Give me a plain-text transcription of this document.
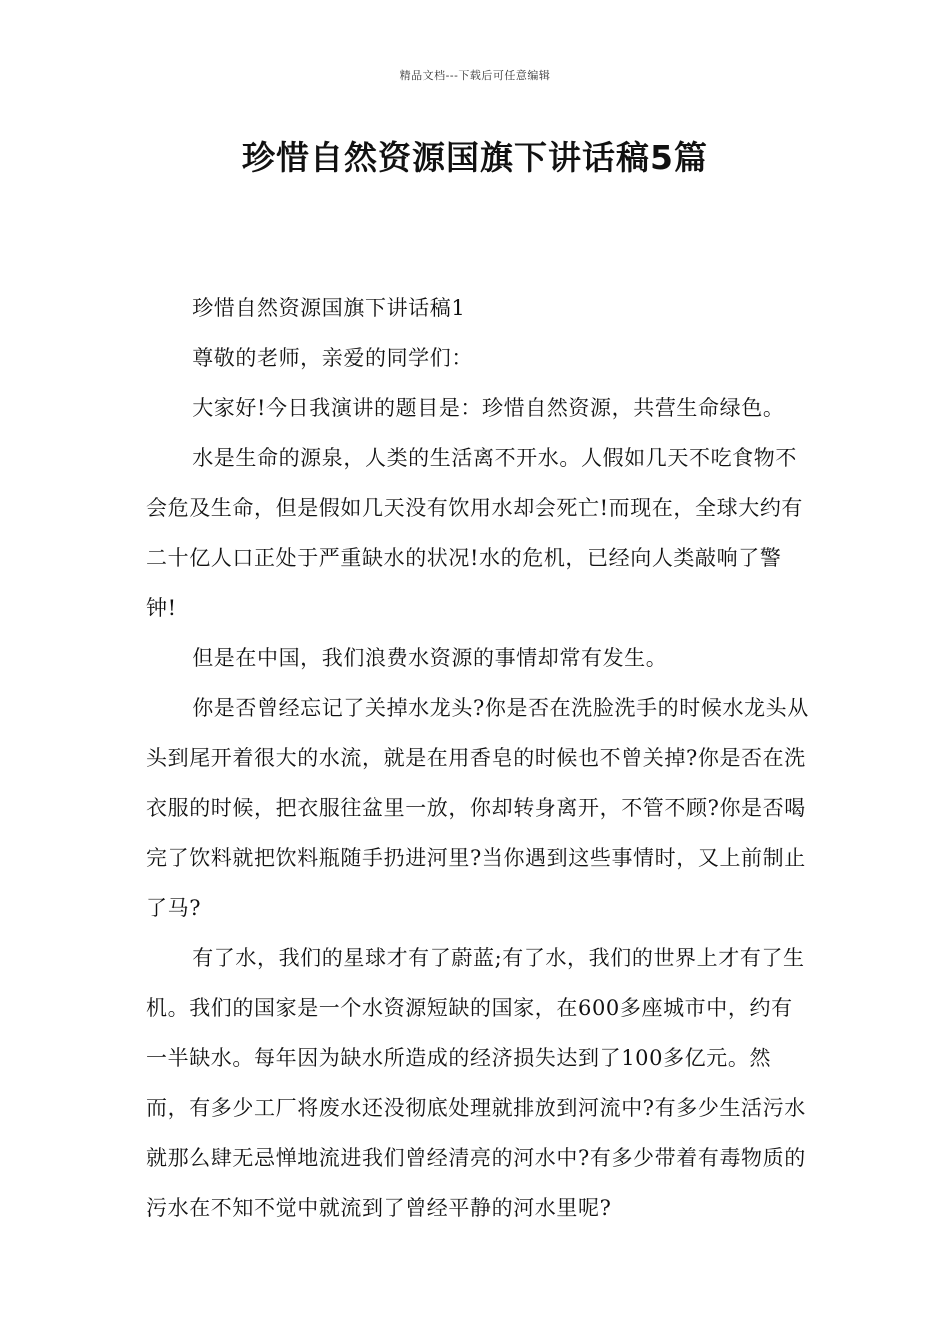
精品文档---下载后可任意编辑
珍惜自然资源国旗下讲话稿5篇

珍惜自然资源国旗下讲话稿1

尊敬的老师，亲爱的同学们：

大家好!今日我演讲的题目是：珍惜自然资源，共营生命绿色。

水是生命的源泉，人类的生活离不开水。人假如几天不吃食物不会危及生命，但是假如几天没有饮用水却会死亡!而现在，全球大约有二十亿人口正处于严重缺水的状况!水的危机，已经向人类敲响了警钟!

但是在中国，我们浪费水资源的事情却常有发生。

你是否曾经忘记了关掉水龙头?你是否在洗脸洗手的时候水龙头从头到尾开着很大的水流，就是在用香皂的时候也不曾关掉?你是否在洗衣服的时候，把衣服往盆里一放，你却转身离开，不管不顾?你是否喝完了饮料就把饮料瓶随手扔进河里?当你遇到这些事情时，又上前制止了马?

有了水，我们的星球才有了蔚蓝;有了水，我们的世界上才有了生机。我们的国家是一个水资源短缺的国家，在600多座城市中，约有一半缺水。每年因为缺水所造成的经济损失达到了100多亿元。然而，有多少工厂将废水还没彻底处理就排放到河流中?有多少生活污水就那么肆无忌惮地流进我们曾经清亮的河水中?有多少带着有毒物质的污水在不知不觉中就流到了曾经平静的河水里呢?
